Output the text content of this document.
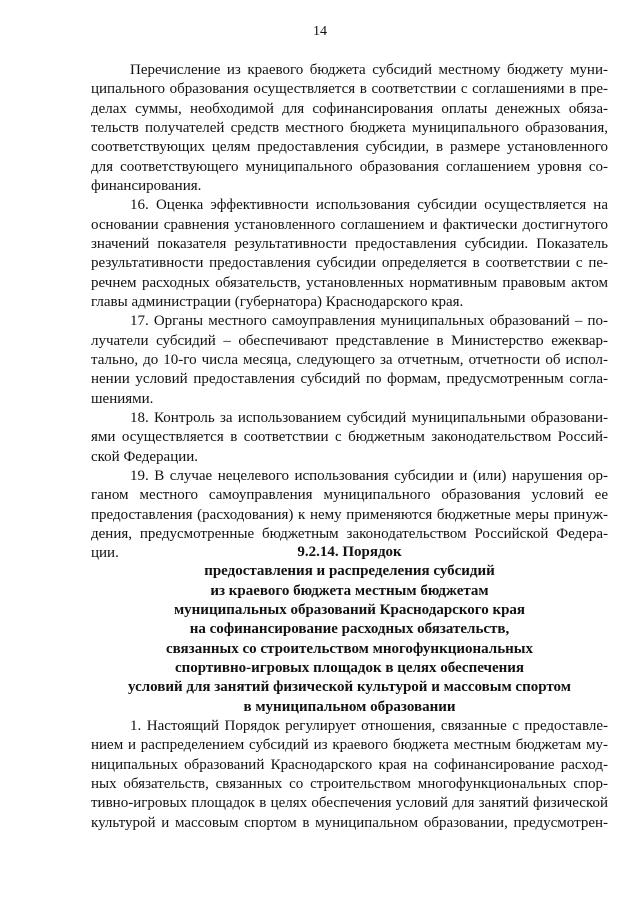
14
Перечисление из краевого бюджета субсидий местному бюджету муни-
ципального образования осуществляется в соответствии с соглашениями в пре-
делах суммы, необходимой для софинансирования оплаты денежных обяза-
тельств получателей средств местного бюджета муниципального образования,
соответствующих целям предоставления субсидии, в размере установленного
для соответствующего муниципального образования соглашением уровня со-
финансирования.
16. Оценка эффективности использования субсидии осуществляется на
основании сравнения установленного соглашением и фактически достигнутого
значений показателя результативности предоставления субсидии. Показатель
результативности предоставления субсидии определяется в соответствии с пе-
речнем расходных обязательств, установленных нормативным правовым актом
главы администрации (губернатора) Краснодарского края.
17. Органы местного самоуправления муниципальных образований – по-
лучатели субсидий – обеспечивают представление в Министерство ежеквар-
тально, до 10-го числа месяца, следующего за отчетным, отчетности об испол-
нении условий предоставления субсидий по формам, предусмотренным согла-
шениями.
18. Контроль за использованием субсидий муниципальными образовани-
ями осуществляется в соответствии с бюджетным законодательством Россий-
ской Федерации.
19. В случае нецелевого использования субсидии и (или) нарушения ор-
ганом местного самоуправления муниципального образования условий ее
предоставления (расходования) к нему применяются бюджетные меры принуж-
дения, предусмотренные бюджетным законодательством Российской Федера-
ции.	9.2.14. Порядок
предоставления и распределения субсидий
из краевого бюджета местным бюджетам
муниципальных образований Краснодарского края
на софинансирование расходных обязательств,
связанных со строительством многофункциональных
спортивно-игровых площадок в целях обеспечения
условий для занятий физической культурой и массовым спортом
в муниципальном образовании
1. Настоящий Порядок регулирует отношения, связанные с предоставле-
нием и распределением субсидий из краевого бюджета местным бюджетам му-
ниципальных образований Краснодарского края на софинансирование расход-
ных обязательств, связанных со строительством многофункциональных спор-
тивно-игровых площадок в целях обеспечения условий для занятий физической
культурой и массовым спортом в муниципальном образовании, предусмотрен-
